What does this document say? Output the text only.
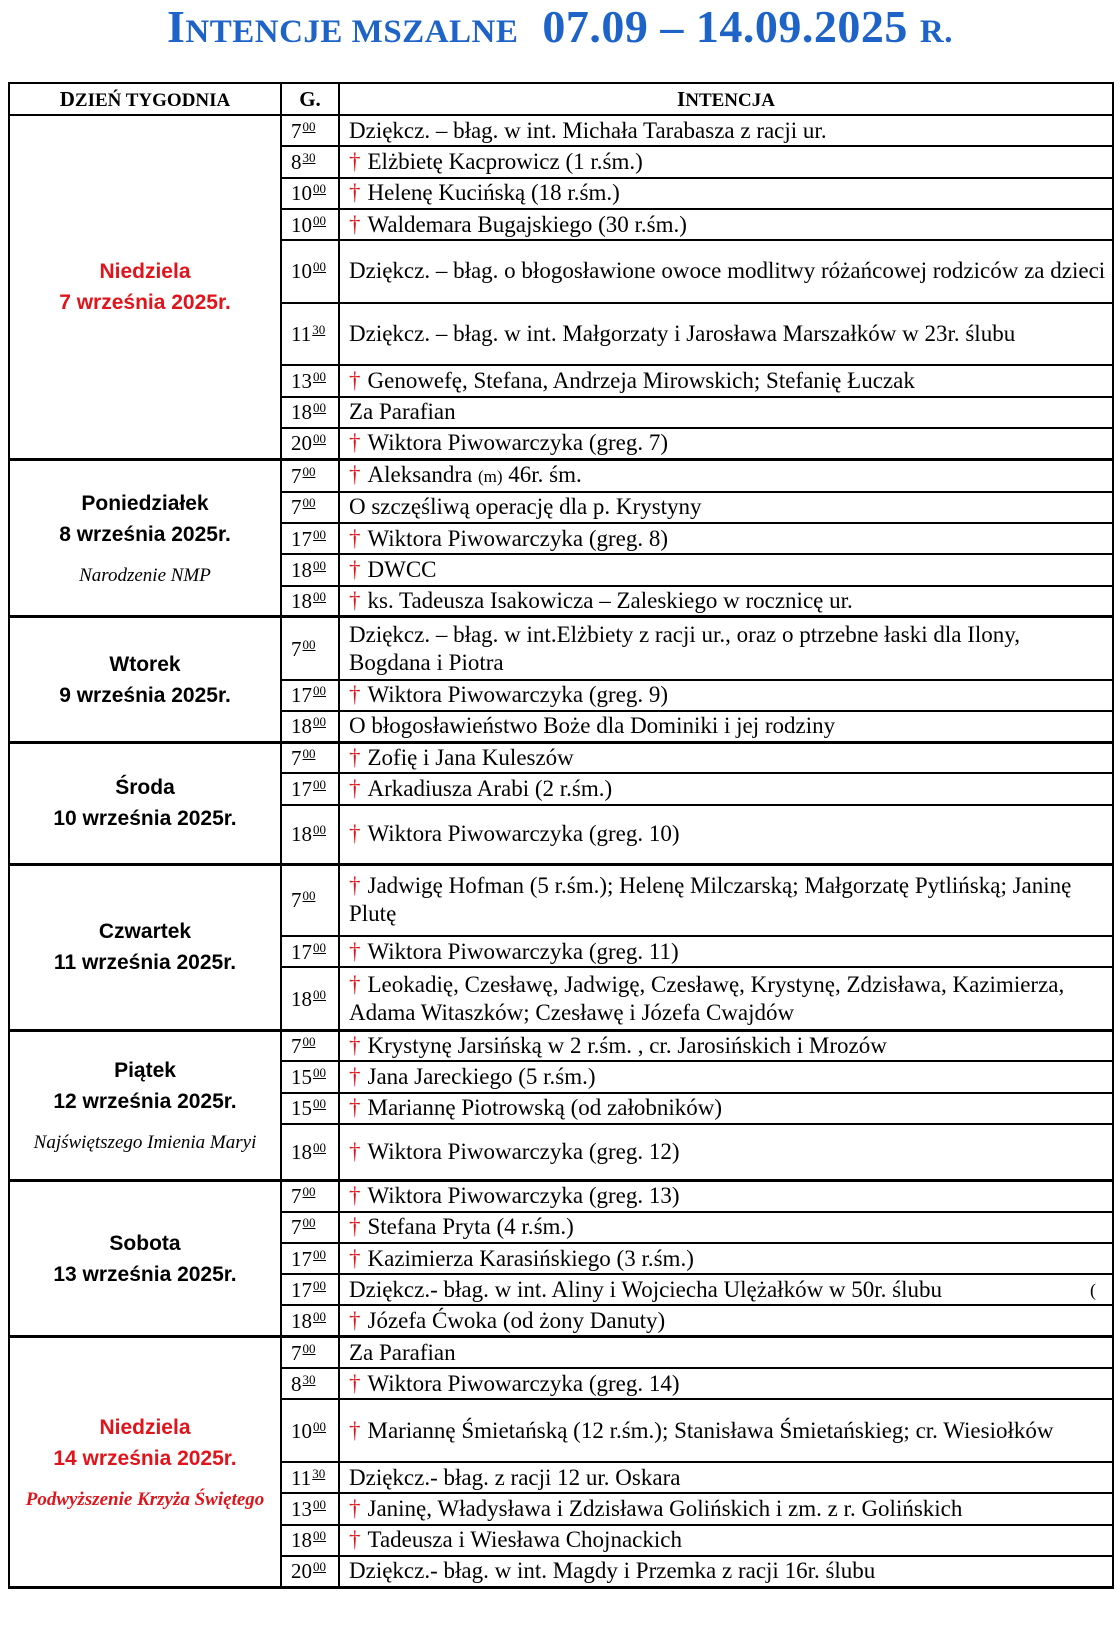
INTENCJE MSZALNE 07.09 – 14.09.2025 R.
DZIEŃ TYGODNIA	G.	INTENCJA

Niedziela
7 września 2025r.	$7^{00}$	Dziękcz. – błag. w int. Michała Tarabasza z racji ur.
	$8^{30}$	† Elżbietę Kacprowicz (1 r.śm.)
	$10^{00}$	† Helenę Kucińską (18 r.śm.)
	$10^{00}$	† Waldemara Bugajskiego (30 r.śm.)
	$10^{00}$	Dziękcz. – błag. o błogosławione owoce modlitwy różańcowej rodziców za dzieci
	$11^{30}$	Dziękcz. – błag. w int. Małgorzaty i Jarosława Marszałków w 23r. ślubu
	$13^{00}$	† Genowefę, Stefana, Andrzeja Mirowskich; Stefanię Łuczak
	$18^{00}$	Za Parafian
	$20^{00}$	† Wiktora Piwowarczyka (greg. 7)

Poniedziałek
8 września 2025r.
Narodzenie NMP	$7^{00}$	† Aleksandra (m) 46r. śm.
	$7^{00}$	O szczęśliwą operację dla p. Krystyny
	$17^{00}$	† Wiktora Piwowarczyka (greg. 8)
	$18^{00}$	† DWCC
	$18^{00}$	† ks. Tadeusza Isakowicza – Zaleskiego w rocznicę ur.

Wtorek
9 września 2025r.	$7^{00}$	Dziękcz. – błag. w int.Elżbiety z racji ur., oraz o ptrzebne łaski dla Ilony, Bogdana i Piotra
	$17^{00}$	† Wiktora Piwowarczyka (greg. 9)
	$18^{00}$	O błogosławieństwo Boże dla Dominiki i jej rodziny

Środa
10 września 2025r.	$7^{00}$	† Zofię i Jana Kuleszów
	$17^{00}$	† Arkadiusza Arabi (2 r.śm.)
	$18^{00}$	† Wiktora Piwowarczyka (greg. 10)

Czwartek
11 września 2025r.	$7^{00}$	† Jadwigę Hofman (5 r.śm.); Helenę Milczarską; Małgorzatę Pytlińską; Janinę Plutę
	$17^{00}$	† Wiktora Piwowarczyka (greg. 11)
	$18^{00}$	† Leokadię, Czesławę, Jadwigę, Czesławę, Krystynę, Zdzisława, Kazimierza, Adama Witaszków; Czesławę i Józefa Cwajdów

Piątek
12 września 2025r.
Najświętszego Imienia Maryi	$7^{00}$	† Krystynę Jarsińską w 2 r.śm. , cr. Jarosińskich i Mrozów
	$15^{00}$	† Jana Jareckiego (5 r.śm.)
	$15^{00}$	† Mariannę Piotrowską (od załobników)
	$18^{00}$	† Wiktora Piwowarczyka (greg. 12)

Sobota
13 września 2025r.	$7^{00}$	† Wiktora Piwowarczyka (greg. 13)
	$7^{00}$	† Stefana Pryta (4 r.śm.)
	$17^{00}$	† Kazimierza Karasińskiego (3 r.śm.)
	$17^{00}$	Dziękcz.- błag. w int. Aliny i Wojciecha Ulężałków w 50r. ślubu (

	$18^{00}$	† Józefa Ćwoka (od żony Danuty)

Niedziela
14 września 2025r.
Podwyższenie Krzyża Świętego	$7^{00}$	Za Parafian
	$8^{30}$	† Wiktora Piwowarczyka (greg. 14)
	$10^{00}$	† Mariannę Śmietańską (12 r.śm.); Stanisława Śmietańskieg; cr. Wiesiołków
	$11^{30}$	Dziękcz.- błag. z racji 12 ur. Oskara
	$13^{00}$	† Janinę, Władysława i Zdzisława Golińskich i zm. z r. Golińskich
	$18^{00}$	† Tadeusza i Wiesława Chojnackich
	$20^{00}$	Dziękcz.- błag. w int. Magdy i Przemka z racji 16r. ślubu
